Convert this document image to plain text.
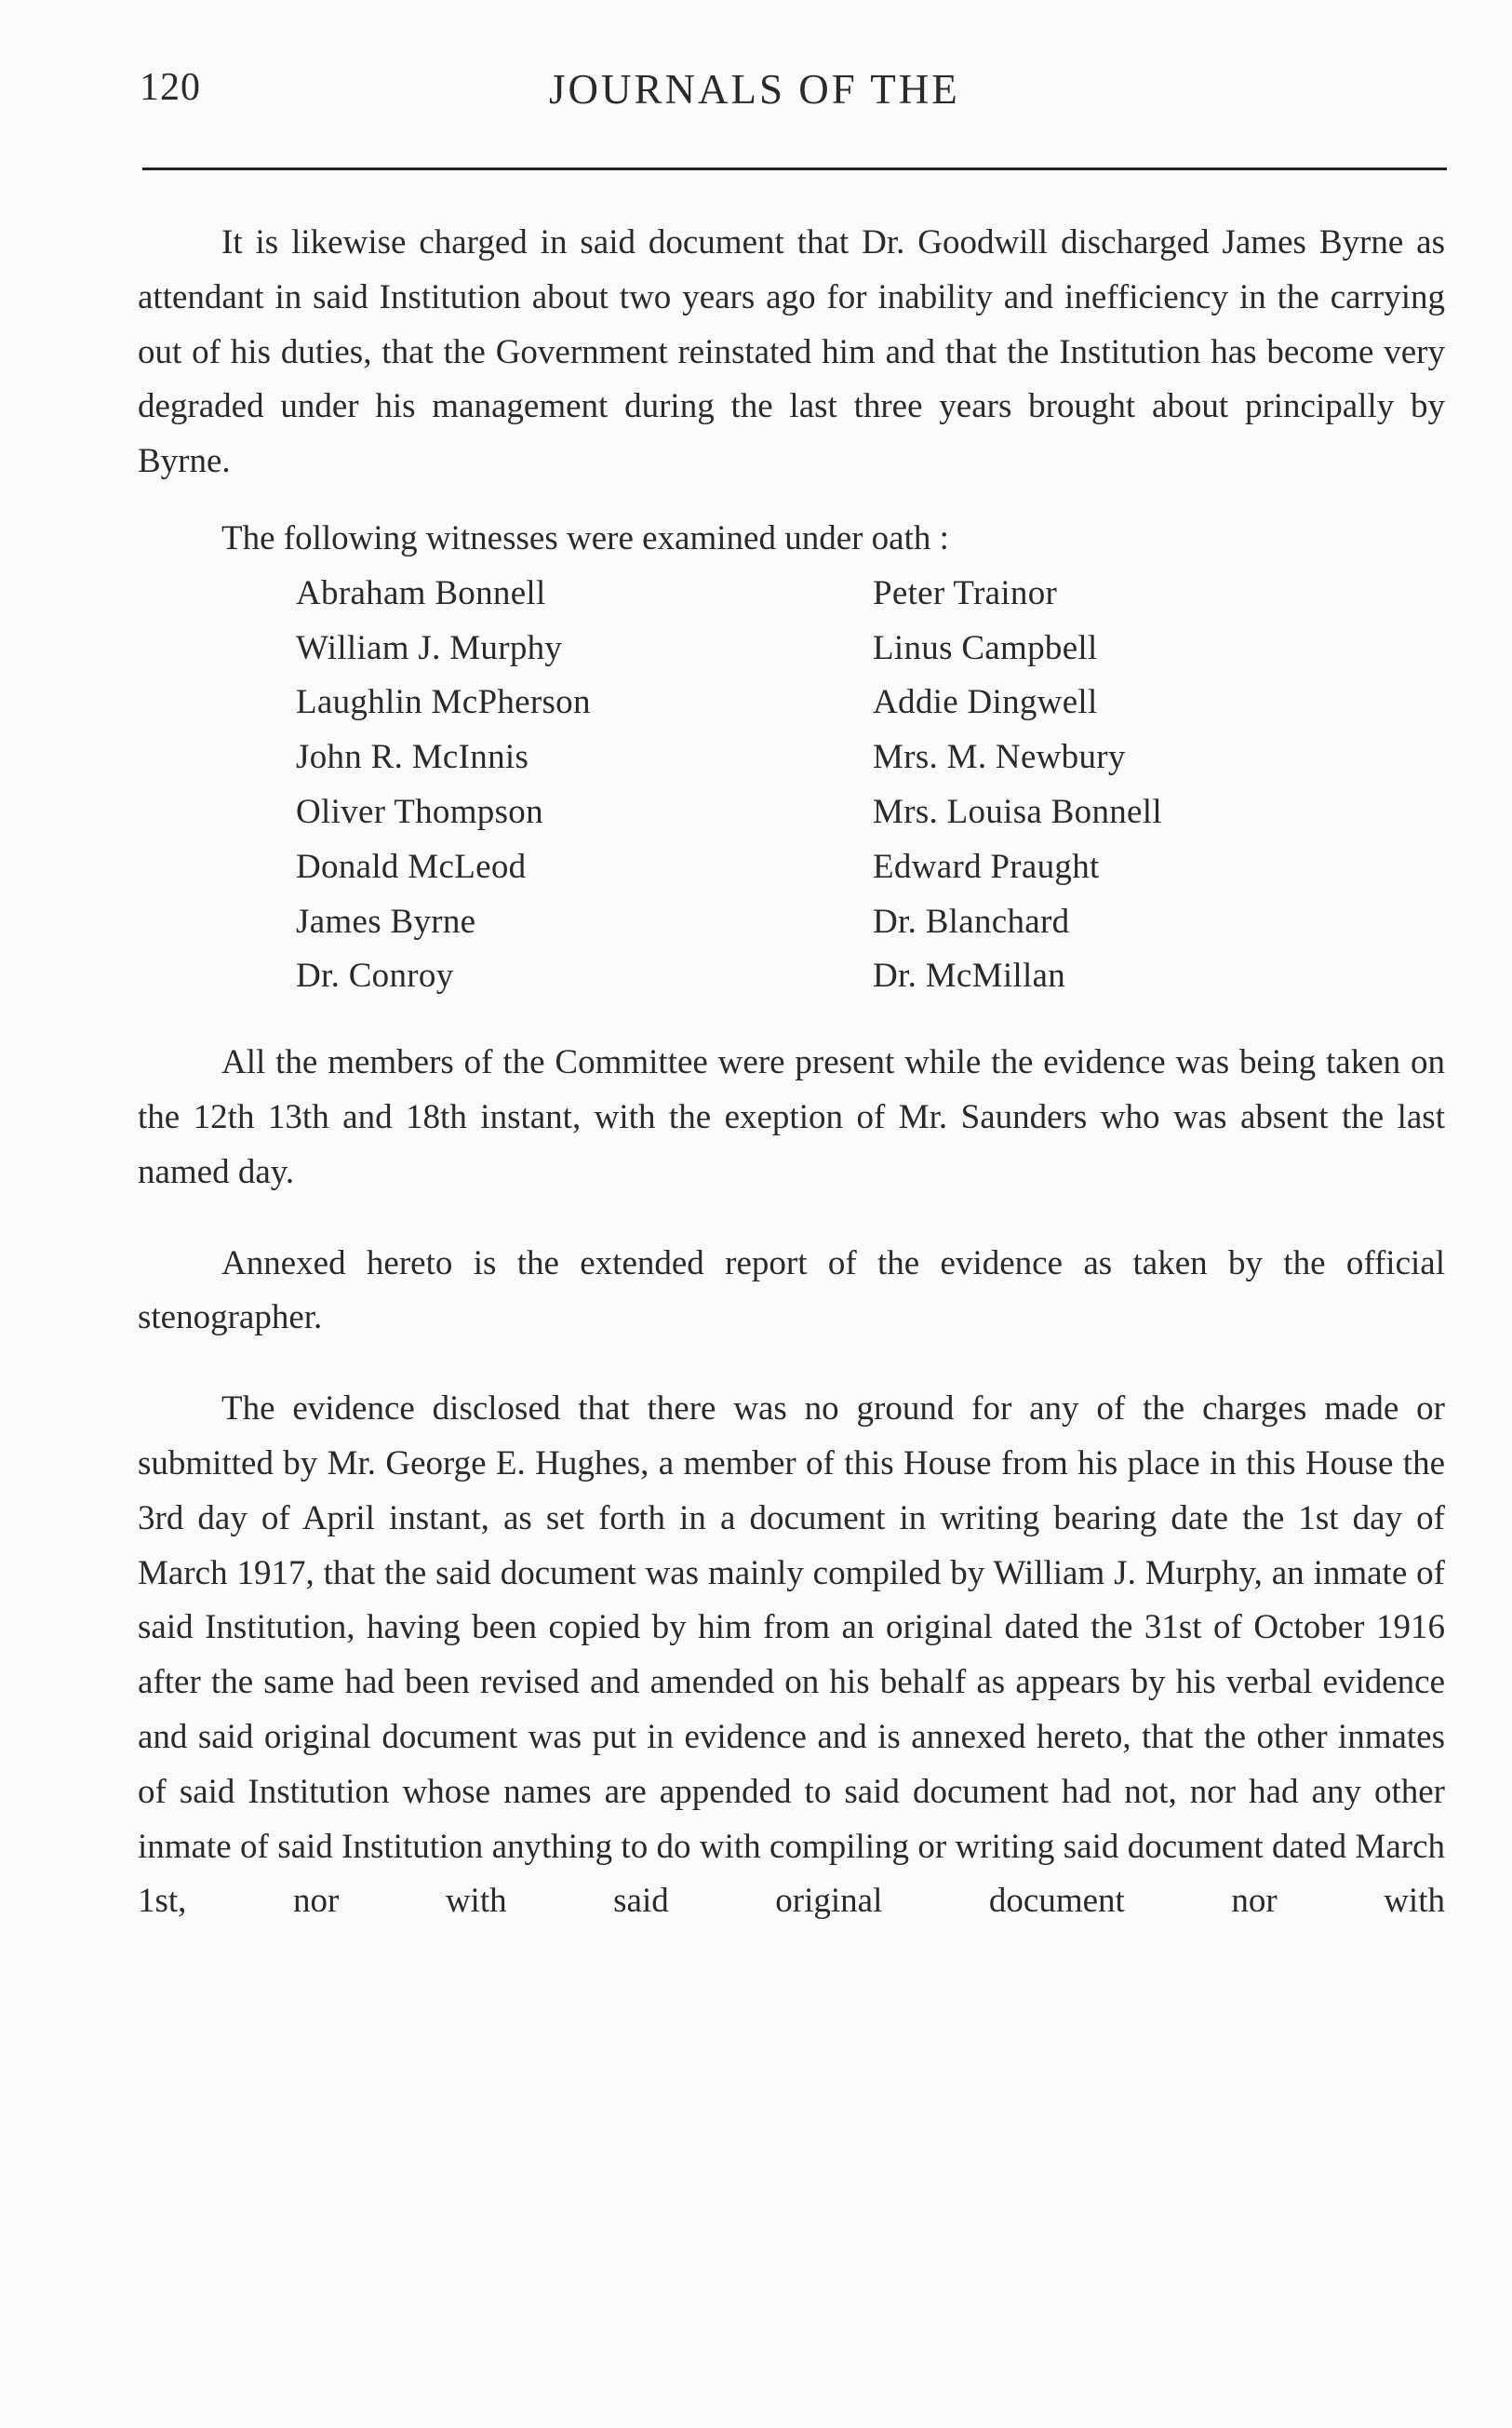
120	JOURNALS OF THE

It is likewise charged in said document that Dr. Goodwill discharged James Byrne as attendant in said Institution about two years ago for inability and inefficiency in the carrying out of his duties, that the Government reinstated him and that the Institution has become very degraded under his management during the last three years brought about principally by Byrne.

The following witnesses were examined under oath :

Abraham Bonnell	Peter Trainor
William J. Murphy	Linus Campbell
Laughlin McPherson	Addie Dingwell
John R. McInnis	Mrs. M. Newbury
Oliver Thompson	Mrs. Louisa Bonnell
Donald McLeod	Edward Praught
James Byrne	Dr. Blanchard
Dr. Conroy	Dr. McMillan

All the members of the Committee were present while the evidence was being taken on the 12th 13th and 18th instant, with the exeption of Mr. Saunders who was absent the last named day.

Annexed hereto is the extended report of the evidence as taken by the official stenographer.

The evidence disclosed that there was no ground for any of the charges made or submitted by Mr. George E. Hughes, a member of this House from his place in this House the 3rd day of April instant, as set forth in a document in writing bearing date the 1st day of March 1917, that the said document was mainly compiled by William J. Murphy, an inmate of said Institution, having been copied by him from an original dated the 31st of October 1916 after the same had been revised and amended on his behalf as appears by his verbal evidence and said original document was put in evidence and is annexed hereto, that the other inmates of said Institution whose names are appended to said document had not, nor had any other inmate of said Institution anything to do with compiling or writing said document dated March 1st, nor with said original document nor with
